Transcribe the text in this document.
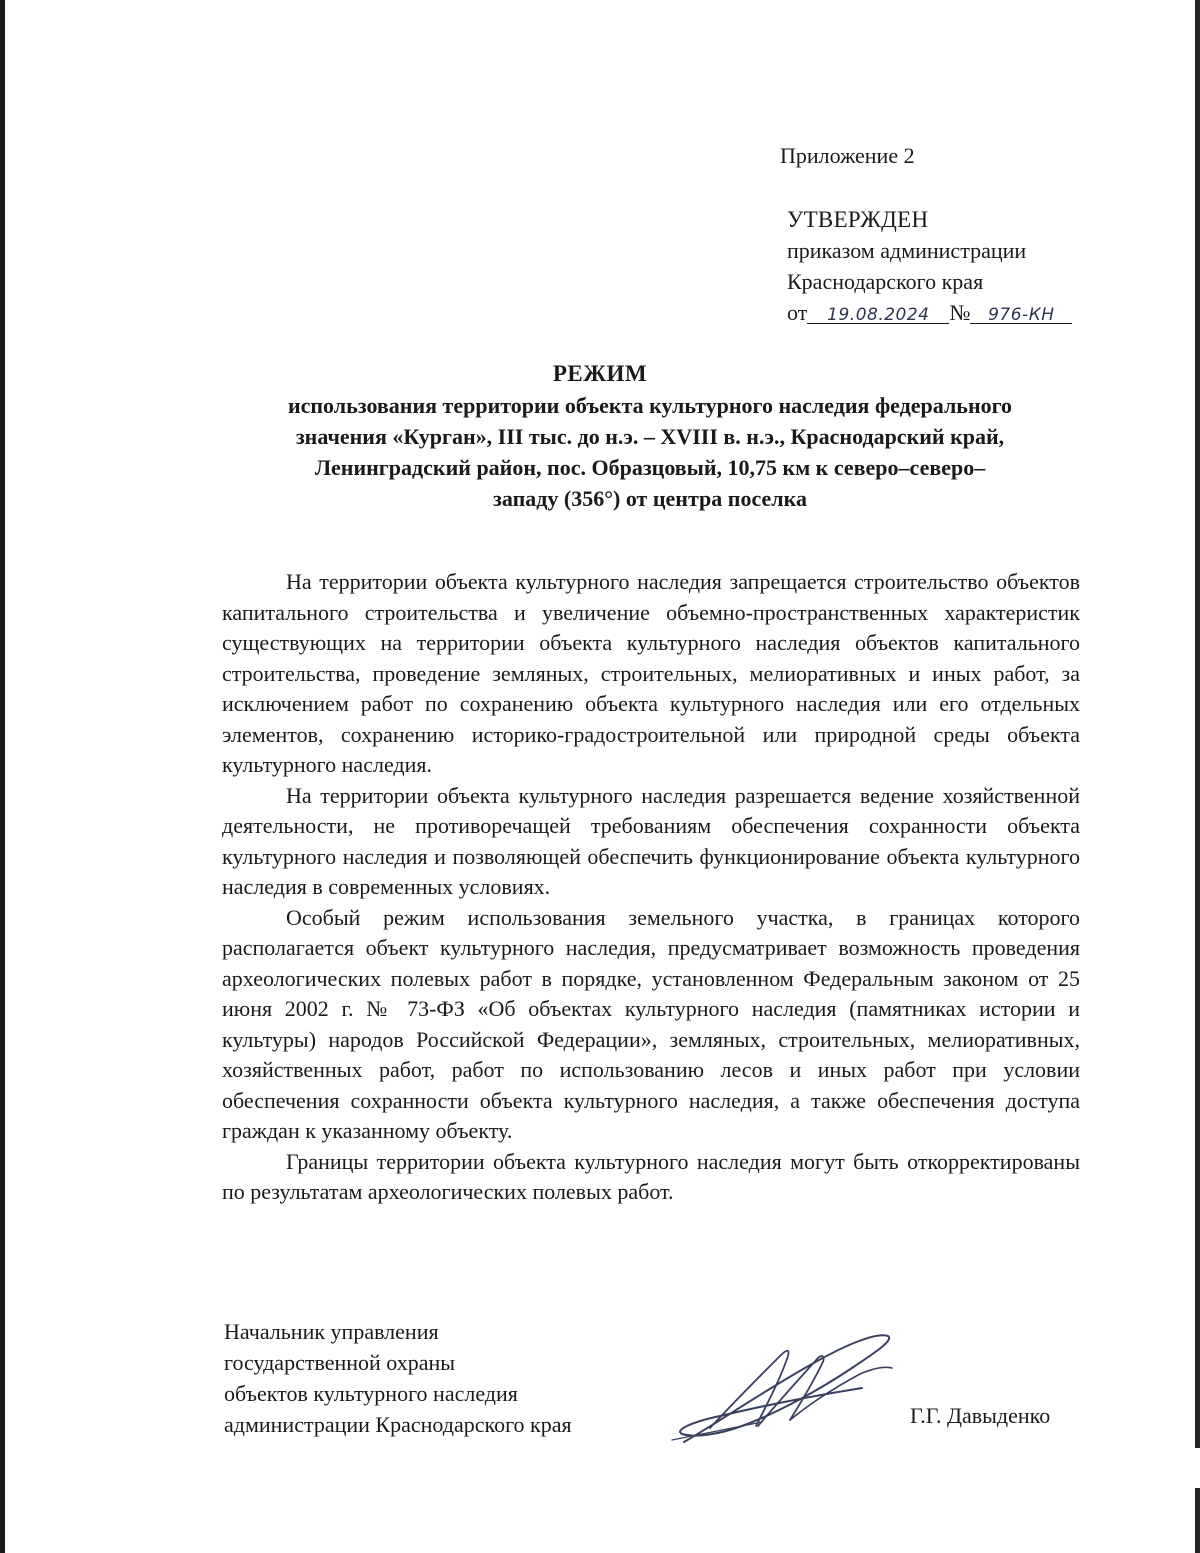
Приложение 2
УТВЕРЖДЕН
приказом администрации
Краснодарского края
от 19.08.2024 № 976-КН
РЕЖИМ
использования территории объекта культурного наследия федерального
значения «Курган», III тыс. до н.э. – XVIII в. н.э., Краснодарский край,
Ленинградский район, пос. Образцовый, 10,75 км к северо–северо–
западу (356°) от центра поселка

На территории объекта культурного наследия запрещается строительство объектов капитального строительства и увеличение объемно-пространственных характеристик существующих на территории объекта культурного наследия объектов капитального строительства, проведение земляных, строительных, мелиоративных и иных работ, за исключением работ по сохранению объекта культурного наследия или его отдельных элементов, сохранению историко-градостроительной или природной среды объекта культурного наследия.

На территории объекта культурного наследия разрешается ведение хозяйственной деятельности, не противоречащей требованиям обеспечения сохранности объекта культурного наследия и позволяющей обеспечить функционирование объекта культурного наследия в современных условиях.

Особый режим использования земельного участка, в границах которого располагается объект культурного наследия, предусматривает возможность проведения археологических полевых работ в порядке, установленном Федеральным законом от 25 июня 2002 г. № 73-ФЗ «Об объектах культурного наследия (памятниках истории и культуры) народов Российской Федерации», земляных, строительных, мелиоративных, хозяйственных работ, работ по использованию лесов и иных работ при условии обеспечения сохранности объекта культурного наследия, а также обеспечения доступа граждан к указанному объекту.

Границы территории объекта культурного наследия могут быть откорректированы по результатам археологических полевых работ.

Начальник управления
государственной охраны
объектов культурного наследия
администрации Краснодарского края	Г.Г. Давыденко
